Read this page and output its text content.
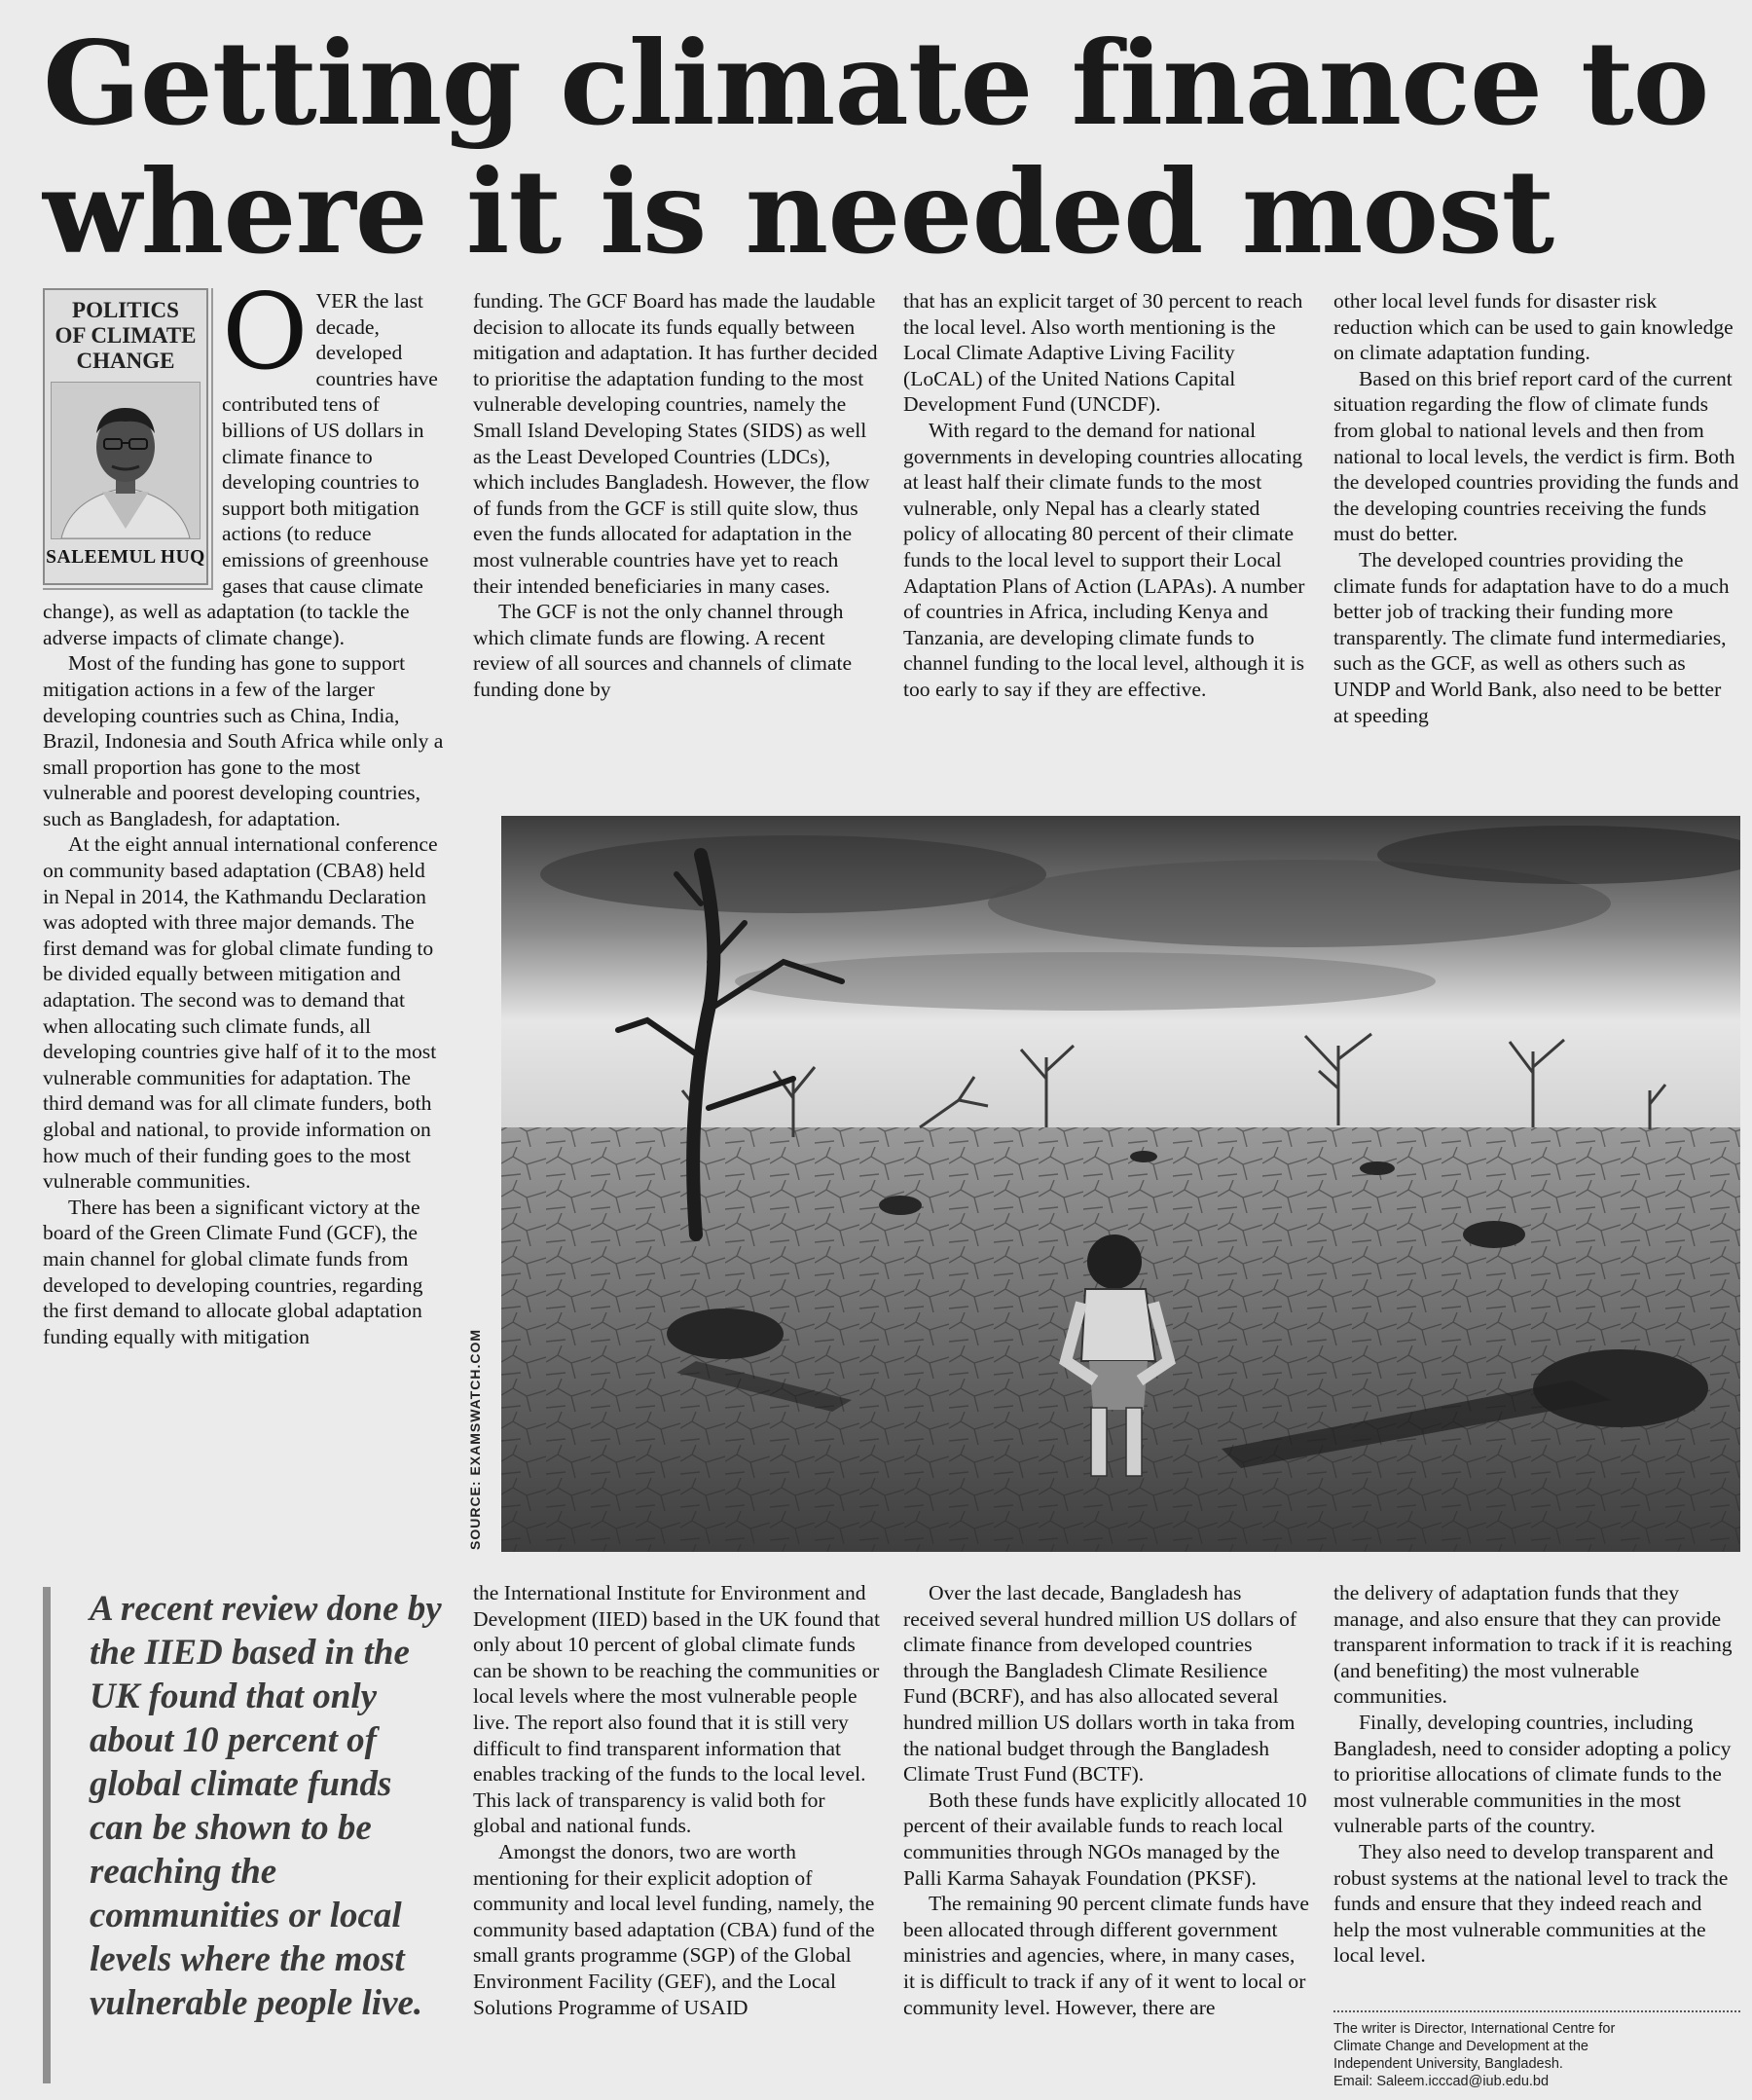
Getting climate finance to
where it is needed most
POLITICS
OF CLIMATE
CHANGE
SALEEMUL HUQ
O VER the last decade, developed countries have contributed tens of billions of US dollars in climate finance to developing countries to support both mitigation actions (to reduce emissions of greenhouse gases that cause climate change), as well as adaptation (to tackle the adverse impacts of climate change).

Most of the funding has gone to support mitigation actions in a few of the larger developing countries such as China, India, Brazil, Indonesia and South Africa while only a small proportion has gone to the most vulnerable and poorest developing countries, such as Bangladesh, for adaptation.

At the eight annual international conference on community based adaptation (CBA8) held in Nepal in 2014, the Kathmandu Declaration was adopted with three major demands. The first demand was for global climate funding to be divided equally between mitigation and adaptation. The second was to demand that when allocating such climate funds, all developing countries give half of it to the most vulnerable communities for adaptation. The third demand was for all climate funders, both global and national, to provide information on how much of their funding goes to the most vulnerable communities.

There has been a significant victory at the board of the Green Climate Fund (GCF), the main channel for global climate funds from developed to developing countries, regarding the first demand to allocate global adaptation funding equally with mitigation

funding. The GCF Board has made the laudable decision to allocate its funds equally between mitigation and adaptation. It has further decided to prioritise the adaptation funding to the most vulnerable developing countries, namely the Small Island Developing States (SIDS) as well as the Least Developed Countries (LDCs), which includes Bangladesh. However, the flow of funds from the GCF is still quite slow, thus even the funds allocated for adaptation in the most vulnerable countries have yet to reach their intended beneficiaries in many cases.

The GCF is not the only channel through which climate funds are flowing. A recent review of all sources and channels of climate funding done by

that has an explicit target of 30 percent to reach the local level. Also worth mentioning is the Local Climate Adaptive Living Facility (LoCAL) of the United Nations Capital Development Fund (UNCDF).

With regard to the demand for national governments in developing countries allocating at least half their climate funds to the most vulnerable, only Nepal has a clearly stated policy of allocating 80 percent of their climate funds to the local level to support their Local Adaptation Plans of Action (LAPAs). A number of countries in Africa, including Kenya and Tanzania, are developing climate funds to channel funding to the local level, although it is too early to say if they are effective.

other local level funds for disaster risk reduction which can be used to gain knowledge on climate adaptation funding.

Based on this brief report card of the current situation regarding the flow of climate funds from global to national levels and then from national to local levels, the verdict is firm. Both the developed countries providing the funds and the developing countries receiving the funds must do better.

The developed countries providing the climate funds for adaptation have to do a much better job of tracking their funding more transparently. The climate fund intermediaries, such as the GCF, as well as others such as UNDP and World Bank, also need to be better at speeding

SOURCE: EXAMSWATCH.COM
A recent review done by the IIED based in the UK found that only about 10 percent of global climate funds can be shown to be reaching the communities or local levels where the most vulnerable people live.

the International Institute for Environment and Development (IIED) based in the UK found that only about 10 percent of global climate funds can be shown to be reaching the communities or local levels where the most vulnerable people live. The report also found that it is still very difficult to find transparent information that enables tracking of the funds to the local level. This lack of transparency is valid both for global and national funds.

Amongst the donors, two are worth mentioning for their explicit adoption of community and local level funding, namely, the community based adaptation (CBA) fund of the small grants programme (SGP) of the Global Environment Facility (GEF), and the Local Solutions Programme of USAID

Over the last decade, Bangladesh has received several hundred million US dollars of climate finance from developed countries through the Bangladesh Climate Resilience Fund (BCRF), and has also allocated several hundred million US dollars worth in taka from the national budget through the Bangladesh Climate Trust Fund (BCTF).

Both these funds have explicitly allocated 10 percent of their available funds to reach local communities through NGOs managed by the Palli Karma Sahayak Foundation (PKSF).

The remaining 90 percent climate funds have been allocated through different government ministries and agencies, where, in many cases, it is difficult to track if any of it went to local or community level. However, there are

the delivery of adaptation funds that they manage, and also ensure that they can provide transparent information to track if it is reaching (and benefiting) the most vulnerable communities.

Finally, developing countries, including Bangladesh, need to consider adopting a policy to prioritise allocations of climate funds to the most vulnerable communities in the most vulnerable parts of the country.

They also need to develop transparent and robust systems at the national level to track the funds and ensure that they indeed reach and help the most vulnerable communities at the local level.

The writer is Director, International Centre for
Climate Change and Development at the
Independent University, Bangladesh.
Email: Saleem.icccad@iub.edu.bd
